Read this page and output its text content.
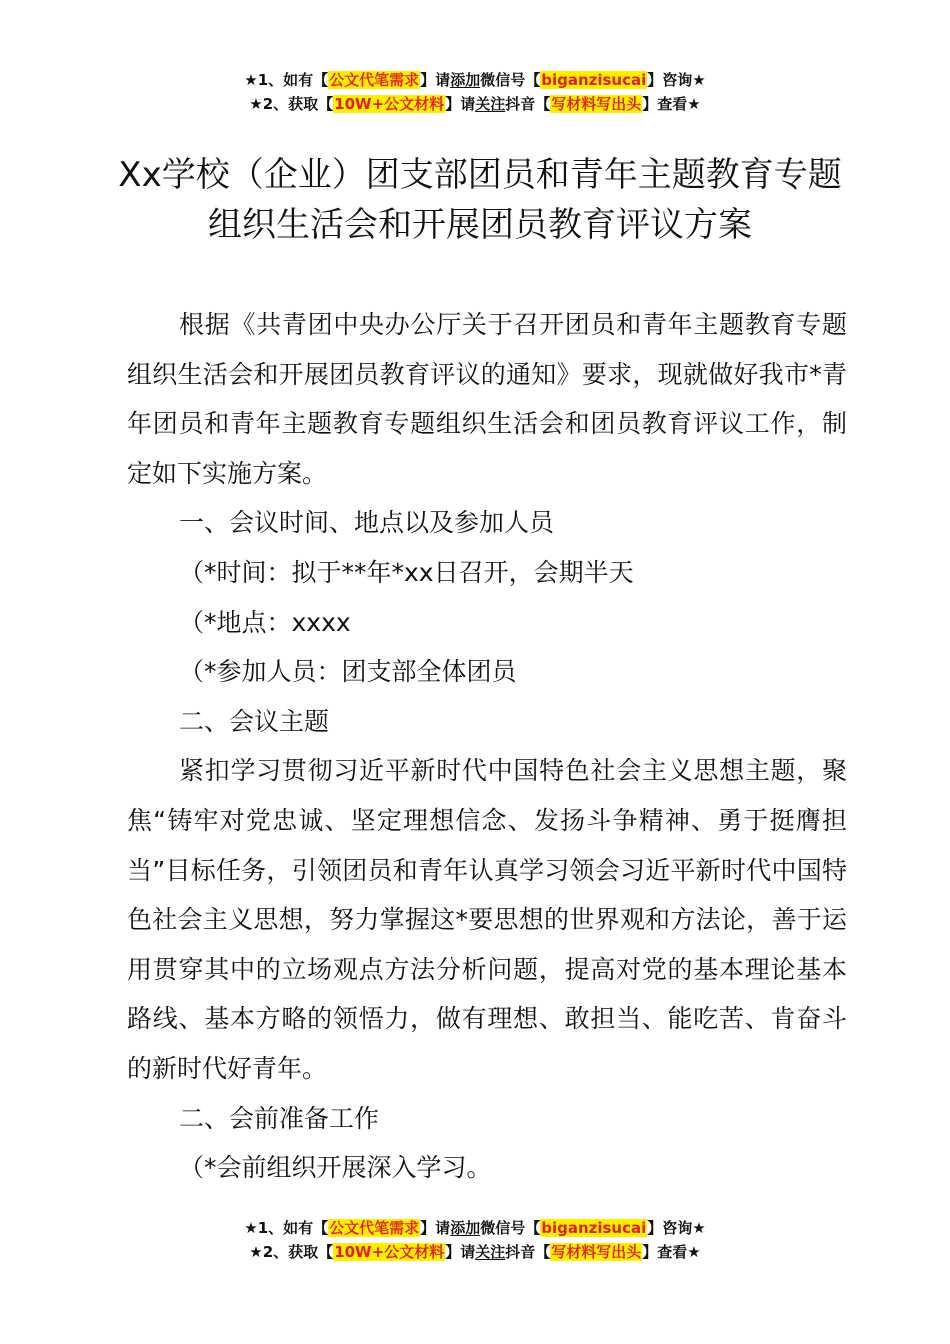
★1、如有【公文代笔需求】请添加微信号【biganzisucai】咨询★
★2、获取【10W+公文材料】请关注抖音【写材料写出头】查看★
Xx学校（企业）团支部团员和青年主题教育专题组织生活会和开展团员教育评议方案

根据《共青团中央办公厅关于召开团员和青年主题教育专题组织生活会和开展团员教育评议的通知》要求，现就做好我市*青年团员和青年主题教育专题组织生活会和团员教育评议工作，制定如下实施方案。

一、会议时间、地点以及参加人员

（*时间：拟于**年*xx日召开，会期半天

（*地点：xxxx

（*参加人员：团支部全体团员

二、会议主题

紧扣学习贯彻习近平新时代中国特色社会主义思想主题，聚焦“铸牢对党忠诚、坚定理想信念、发扬斗争精神、勇于挺膺担当”目标任务，引领团员和青年认真学习领会习近平新时代中国特色社会主义思想，努力掌握这*要思想的世界观和方法论，善于运用贯穿其中的立场观点方法分析问题，提高对党的基本理论基本路线、基本方略的领悟力，做有理想、敢担当、能吃苦、肯奋斗的新时代好青年。

二、会前准备工作

（*会前组织开展深入学习。

★1、如有【公文代笔需求】请添加微信号【biganzisucai】咨询★
★2、获取【10W+公文材料】请关注抖音【写材料写出头】查看★
